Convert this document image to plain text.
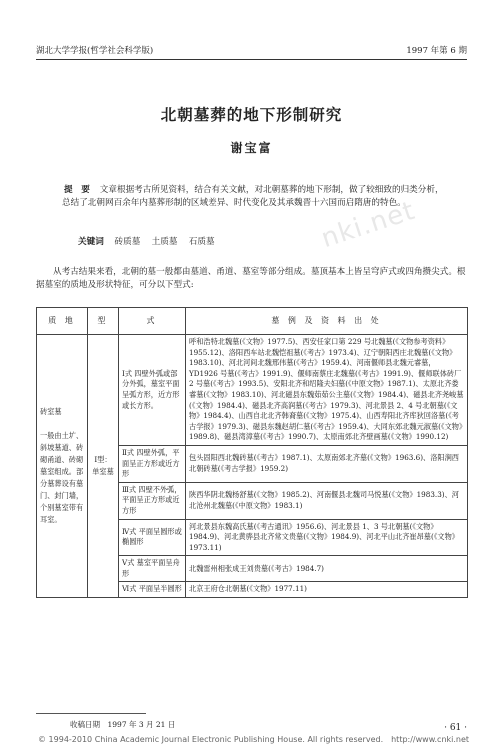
湖北大学学报(哲学社会科学版)	1997 年第 6 期
nki.net
北朝墓葬的地下形制研究
谢宝富
提　要 文章根据考古所见资料，结合有关文献，对北朝墓葬的地下形制，做了较细致的归类分析，总结了北朝网百余年内墓葬形制的区域差异、时代变化及其承魏晋十六国而启隋唐的特色。
关键词 砖质墓　 土质墓　 石质墓
从考古结果来看，北朝的墓一般都由墓道、甬道、墓室等部分组成。墓顶基本上皆呈穹庐式或四角攒尖式。根据墓室的质地及形状特征，可分以下型式:
质 地	型	式	墓 例 及 资 料 出 处
砖室墓

一般由土圹、斜坡墓道、砖砌甬道、砖砌墓室组成。部分墓葬设有墓门、封门墙，个别墓室带有耳室。	Ⅰ型：单室墓	Ⅰ式 四壁外弧或部分外弧，墓室平面呈弧方形，近方形或长方形。	呼和浩特北魏墓(《文物》1977.5)、西安任家口第 229 号北魏墓(《文物参考资料》1955.12)、洛阳西车站北魏恺祖墓(《考古》1973.4)、辽宁朝阳西庄北魏墓(《文物》1983.10)、河北河间北魏邢伟墓(《考古》1959.4)、河南偃师县北魏元睿墓，YD1926 号墓(《考古》1991.9)、偃师南蔡庄北魏墓(《考古》1991.9)、偃师联体砖厂 2 号墓(《考古》1993.5)、安阳北齐和绍隆夫妇墓(《中原文物》1987.1)、太原北齐娄睿墓(《文物》1983.10)、河北磁县东魏茹茹公主墓(《文物》1984.4)、磁县北齐尧峻墓(《文物》1984.4)、磁县北齐高润墓(《考古》1979.3)、河北景县 2、4 号北朝墓(《文物》1984.4)、山西自北北齐韩裔墓(《文物》1975.4)、山西寿阳北齐库狄回洛墓(《考古学报》1979.3)、磁县东魏赵胡仁墓(《考古》1959.4)、大同东郊北魏元淑墓(《文物》1989.8)、磁县湾漳墓(《考古》1990.7)、太原南郊北齐壁画墓(《文物》1990.12)
		Ⅱ式 四壁外弧，平面呈正方形或近方形	包头固阳西北魏砖墓(《考古》1987.1)、太原南郊北齐墓(《文物》1963.6)、洛阳涧西北朝砖墓(《考古学报》1959.2)
		Ⅲ式 四壁不外弧，平面呈正方形或近方形	陕西华阴北魏杨舒墓(《文物》1985.2)、河南偃县北魏司马悦墓(《文物》1983.3)、河北沧州北魏墓(《中原文物》1983.1)
		Ⅳ式 平面呈圆形或椭圆形	河北景县东魏高氏墓(《考古通讯》1956.6)、河北景县 1、3 号北朝墓(《文物》1984.9)、河北黄骅县北齐常文贵墓(《文物》1984.9)、河北平山北齐崔昂墓(《文物》1973.11)
		Ⅴ式 墓室平面呈舟形	北魏雷州相张成王刘贵墓(《考古》1984.7)
		Ⅵ式 平面呈半圆形	北京王府仓北朝墓(《文物》1977.11)
收稿日期　1997 年 3 月 21 日	· 61 ·
© 1994-2010 China Academic Journal Electronic Publishing House. All rights reserved.　http://www.cnki.net
